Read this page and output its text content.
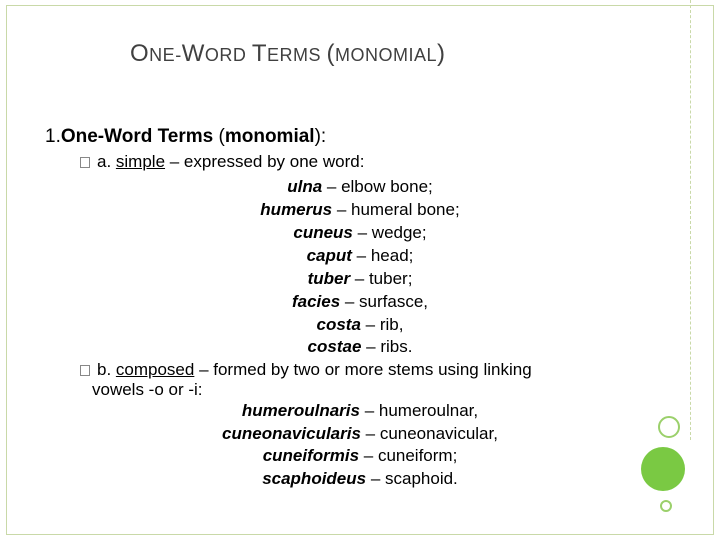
ONE-WORD TERMS (MONOMIAL)
1.One-Word Terms (monomial):
a. simple – expressed by one word:
ulna – elbow bone;
humerus – humeral bone;
cuneus – wedge;
caput – head;
tuber – tuber;
facies – surfasce,
costa – rib,
costae – ribs.
b. composed – formed by two or more stems using linking
vowels -o or -i:
humeroulnaris – humeroulnar,
cuneonavicularis – cuneonavicular,
cuneiformis – cuneiform;
scaphoideus – scaphoid.
